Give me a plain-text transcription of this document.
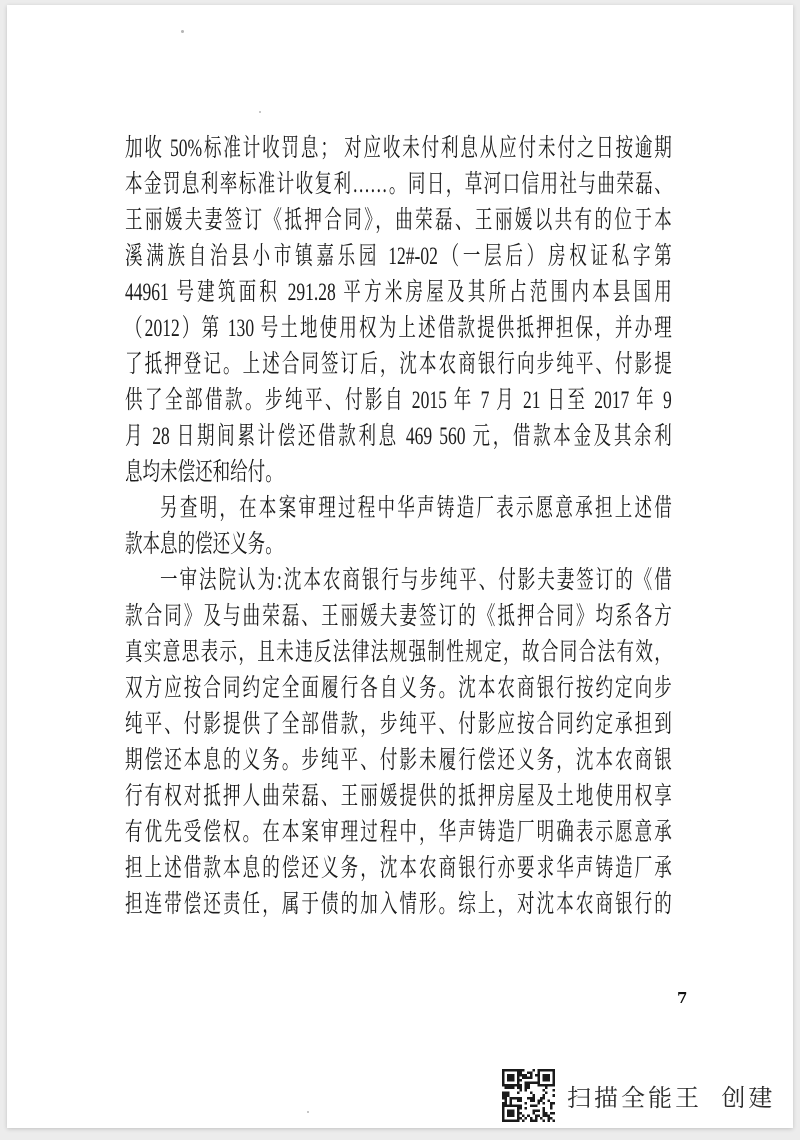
加收 50%标准计收罚息； 对应收未付利息从应付未付之日按逾期
本金罚息利率标准计收复利……。同日，草河口信用社与曲荣磊、
王丽媛夫妻签订《抵押合同》，曲荣磊、王丽媛以共有的位于本
溪满族自治县小市镇嘉乐园 12#-02（一层后）房权证私字第
44961 号建筑面积 291.28 平方米房屋及其所占范围内本县国用
（2012）第 130 号土地使用权为上述借款提供抵押担保，并办理
了抵押登记。上述合同签订后，沈本农商银行向步纯平、付影提
供了全部借款。步纯平、付影自 2015 年 7 月 21 日至 2017 年 9
月 28 日期间累计偿还借款利息 469 560 元，借款本金及其余利
息均未偿还和给付。
另查明，在本案审理过程中华声铸造厂表示愿意承担上述借
款本息的偿还义务。
一审法院认为:沈本农商银行与步纯平、付影夫妻签订的《借
款合同》及与曲荣磊、王丽媛夫妻签订的《抵押合同》均系各方
真实意思表示，且未违反法律法规强制性规定，故合同合法有效，
双方应按合同约定全面履行各自义务。沈本农商银行按约定向步
纯平、付影提供了全部借款，步纯平、付影应按合同约定承担到
期偿还本息的义务。步纯平、付影未履行偿还义务，沈本农商银
行有权对抵押人曲荣磊、王丽媛提供的抵押房屋及土地使用权享
有优先受偿权。在本案审理过程中，华声铸造厂明确表示愿意承
担上述借款本息的偿还义务，沈本农商银行亦要求华声铸造厂承
担连带偿还责任，属于债的加入情形。综上，对沈本农商银行的
7
扫描全能王  创建
